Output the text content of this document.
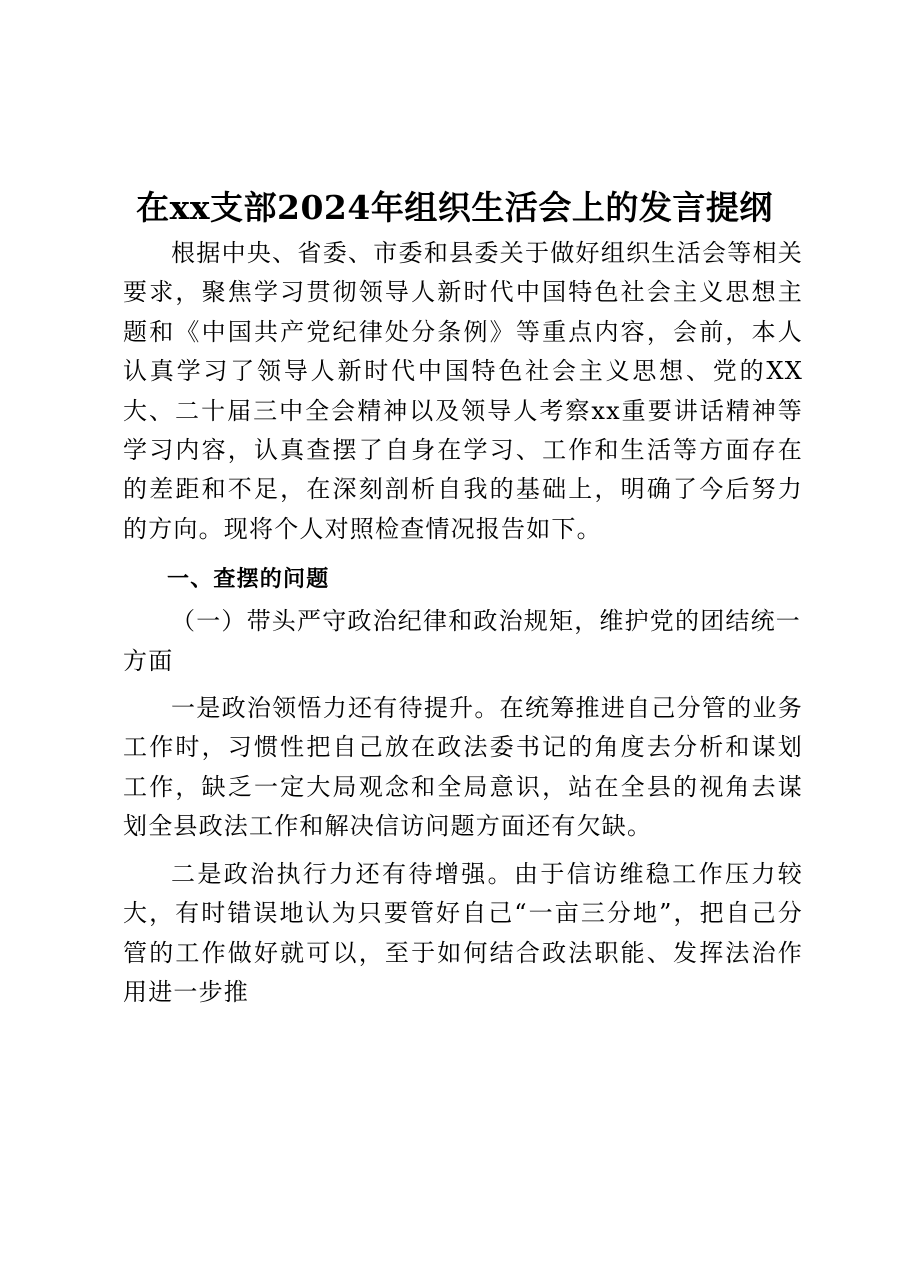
在xx支部2024年组织生活会上的发言提纲

根据中央、省委、市委和县委关于做好组织生活会等相关要求，聚焦学习贯彻领导人新时代中国特色社会主义思想主题和《中国共产党纪律处分条例》等重点内容，会前，本人认真学习了领导人新时代中国特色社会主义思想、党的XX大、二十届三中全会精神以及领导人考察xx重要讲话精神等学习内容，认真查摆了自身在学习、工作和生活等方面存在的差距和不足，在深刻剖析自我的基础上，明确了今后努力的方向。现将个人对照检查情况报告如下。

一、查摆的问题

（一）带头严守政治纪律和政治规矩，维护党的团结统一方面

一是政治领悟力还有待提升。在统筹推进自己分管的业务工作时，习惯性把自己放在政法委书记的角度去分析和谋划工作，缺乏一定大局观念和全局意识，站在全县的视角去谋划全县政法工作和解决信访问题方面还有欠缺。

二是政治执行力还有待增强。由于信访维稳工作压力较大，有时错误地认为只要管好自己“一亩三分地”，把自己分管的工作做好就可以，至于如何结合政法职能、发挥法治作用进一步推
